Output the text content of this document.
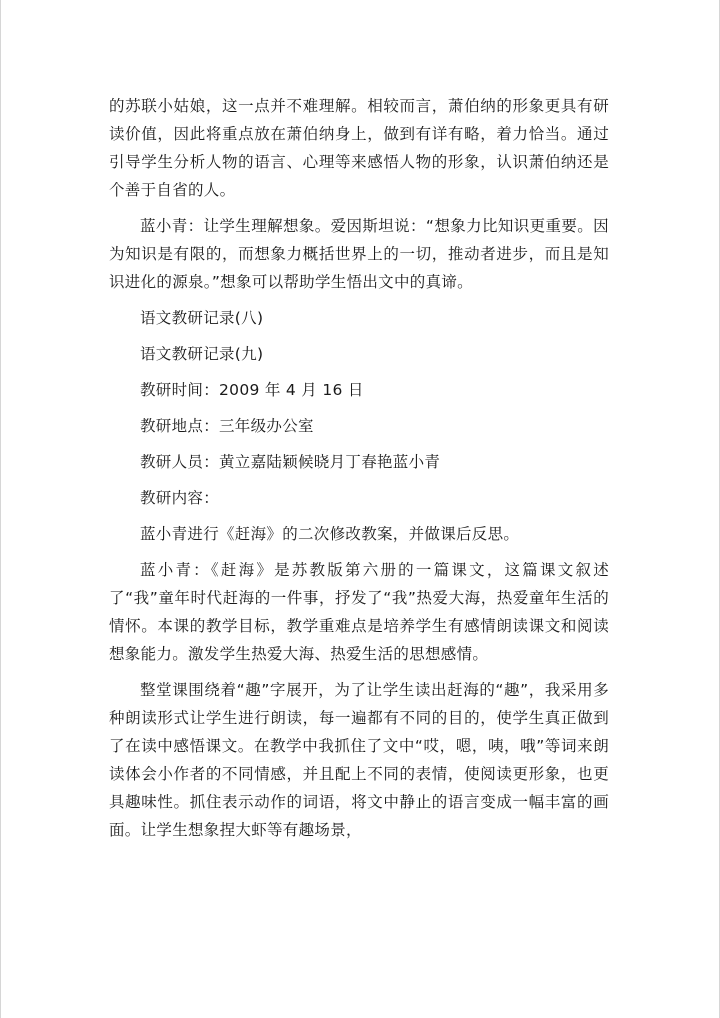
的苏联小姑娘，这一点并不难理解。相较而言，萧伯纳的形象更具有研读价值，因此将重点放在萧伯纳身上，做到有详有略，着力恰当。通过引导学生分析人物的语言、心理等来感悟人物的形象，认识萧伯纳还是个善于自省的人。

蓝小青：让学生理解想象。爱因斯坦说：“想象力比知识更重要。因为知识是有限的，而想象力概括世界上的一切，推动者进步，而且是知识进化的源泉。”想象可以帮助学生悟出文中的真谛。

语文教研记录(八)

语文教研记录(九)

教研时间：2009 年 4 月 16 日

教研地点：三年级办公室

教研人员：黄立嘉陆颖候晓月丁春艳蓝小青

教研内容：

蓝小青进行《赶海》的二次修改教案，并做课后反思。

蓝小青：《赶海》是苏教版第六册的一篇课文，这篇课文叙述了“我”童年时代赶海的一件事，抒发了“我”热爱大海，热爱童年生活的情怀。本课的教学目标，教学重难点是培养学生有感情朗读课文和阅读想象能力。激发学生热爱大海、热爱生活的思想感情。

整堂课围绕着“趣”字展开，为了让学生读出赶海的“趣”，我采用多种朗读形式让学生进行朗读，每一遍都有不同的目的，使学生真正做到了在读中感悟课文。在教学中我抓住了文中“哎，嗯，咦，哦”等词来朗读体会小作者的不同情感，并且配上不同的表情，使阅读更形象，也更具趣味性。抓住表示动作的词语，将文中静止的语言变成一幅丰富的画面。让学生想象捏大虾等有趣场景，
